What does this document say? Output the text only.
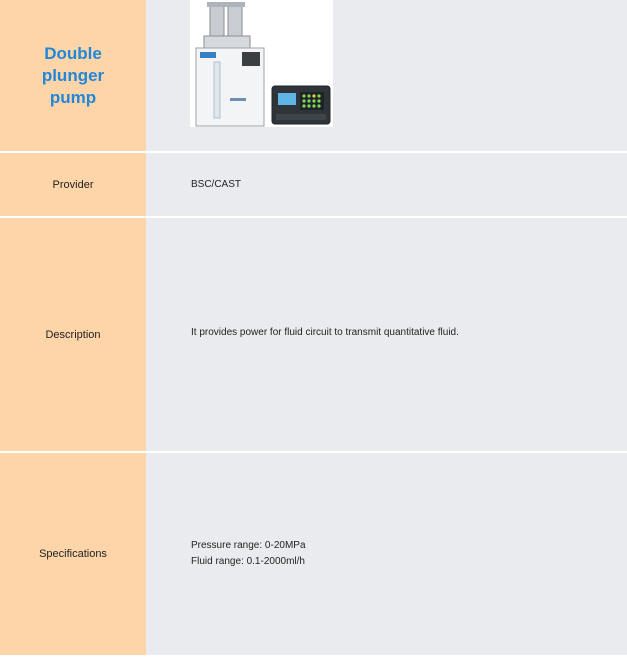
Double
plunger
pump

Provider	BSC/CAST
Description	It provides power for fluid circuit to transmit quantitative fluid.

Specifications	Pressure range: 0-20MPa
Fluid range: 0.1-2000ml/h
